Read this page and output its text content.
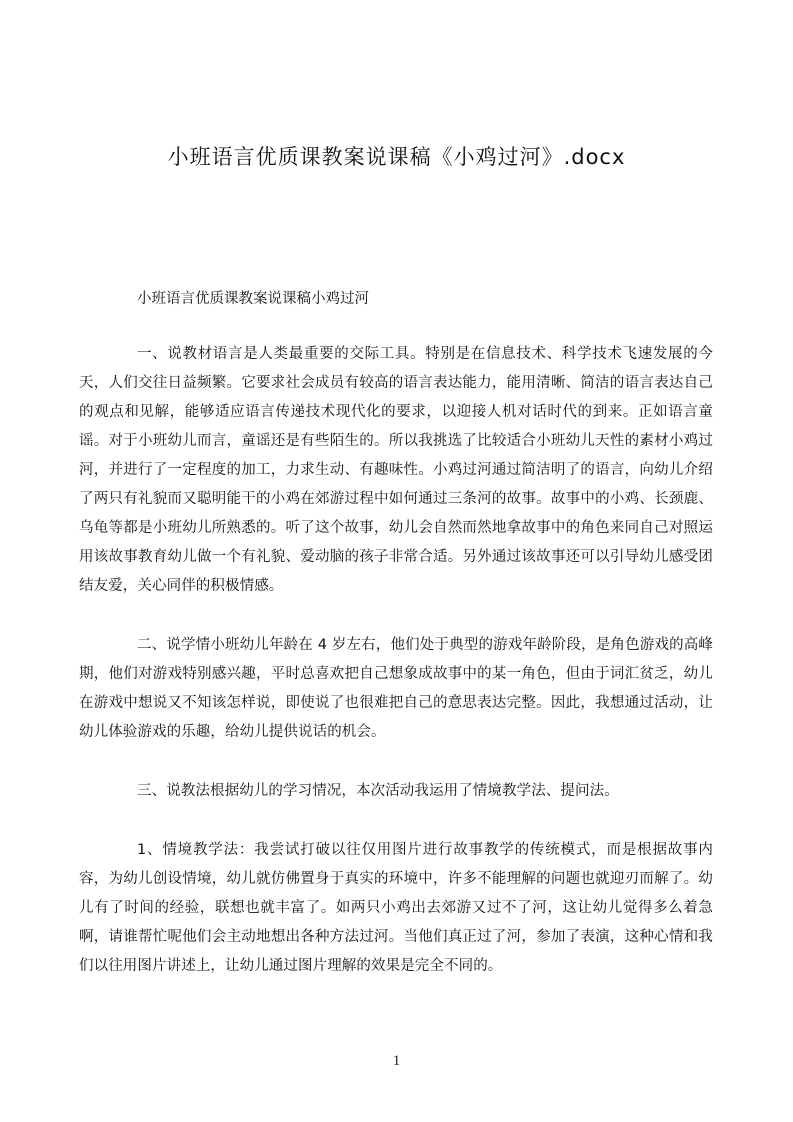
小班语言优质课教案说课稿《小鸡过河》.docx

小班语言优质课教案说课稿小鸡过河

一、说教材语言是人类最重要的交际工具。特别是在信息技术、科学技术飞速发展的今天，人们交往日益频繁。它要求社会成员有较高的语言表达能力，能用清晰、简洁的语言表达自己的观点和见解，能够适应语言传递技术现代化的要求，以迎接人机对话时代的到来。正如语言童谣。对于小班幼儿而言，童谣还是有些陌生的。所以我挑选了比较适合小班幼儿天性的素材小鸡过河，并进行了一定程度的加工，力求生动、有趣味性。小鸡过河通过简洁明了的语言，向幼儿介绍了两只有礼貌而又聪明能干的小鸡在郊游过程中如何通过三条河的故事。故事中的小鸡、长颈鹿、乌龟等都是小班幼儿所熟悉的。听了这个故事，幼儿会自然而然地拿故事中的角色来同自己对照运用该故事教育幼儿做一个有礼貌、爱动脑的孩子非常合适。另外通过该故事还可以引导幼儿感受团结友爱，关心同伴的积极情感。

二、说学情小班幼儿年龄在 4 岁左右，他们处于典型的游戏年龄阶段，是角色游戏的高峰期，他们对游戏特别感兴趣，平时总喜欢把自己想象成故事中的某一角色，但由于词汇贫乏，幼儿在游戏中想说又不知该怎样说，即使说了也很难把自己的意思表达完整。因此，我想通过活动，让幼儿体验游戏的乐趣，给幼儿提供说话的机会。

三、说教法根据幼儿的学习情况，本次活动我运用了情境教学法、提问法。

1、情境教学法：我尝试打破以往仅用图片进行故事教学的传统模式，而是根据故事内容，为幼儿创设情境，幼儿就仿佛置身于真实的环境中，许多不能理解的问题也就迎刃而解了。幼儿有了时间的经验，联想也就丰富了。如两只小鸡出去郊游又过不了河，这让幼儿觉得多么着急啊，请谁帮忙呢他们会主动地想出各种方法过河。当他们真正过了河，参加了表演，这种心情和我们以往用图片讲述上，让幼儿通过图片理解的效果是完全不同的。

1
